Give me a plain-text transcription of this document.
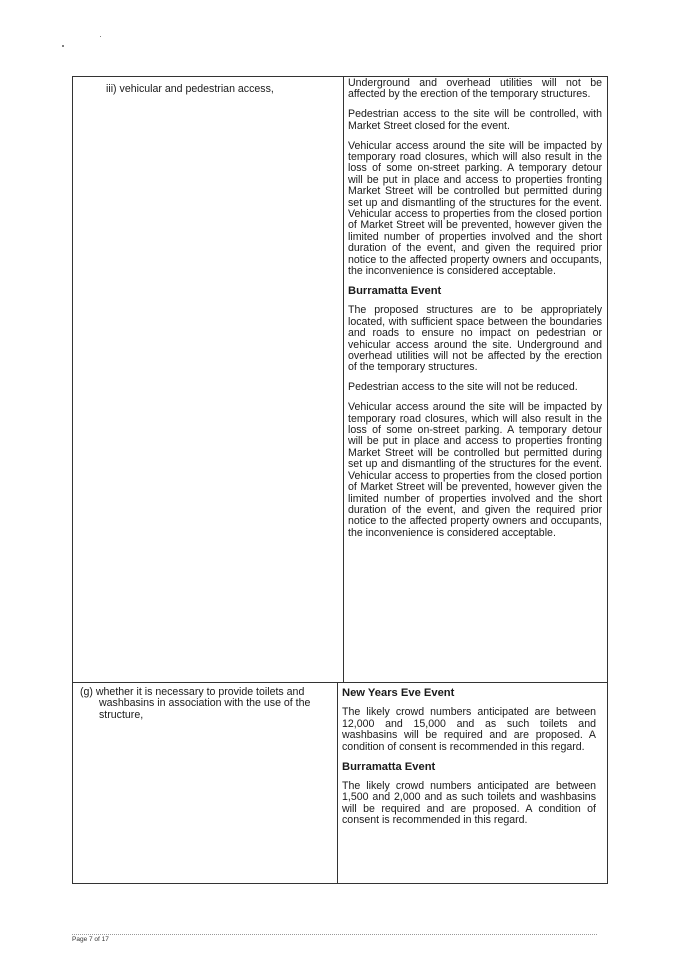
iii) vehicular and pedestrian access,	Underground and overhead utilities will not be affected by the erection of the temporary structures.

Pedestrian access to the site will be controlled, with Market Street closed for the event.

Vehicular access around the site will be impacted by temporary road closures, which will also result in the loss of some on-street parking. A temporary detour will be put in place and access to properties fronting Market Street will be controlled but permitted during set up and dismantling of the structures for the event. Vehicular access to properties from the closed portion of Market Street will be prevented, however given the limited number of properties involved and the short duration of the event, and given the required prior notice to the affected property owners and occupants, the inconvenience is considered acceptable.

Burramatta Event

The proposed structures are to be appropriately located, with sufficient space between the boundaries and roads to ensure no impact on pedestrian or vehicular access around the site. Underground and overhead utilities will not be affected by the erection of the temporary structures.

Pedestrian access to the site will not be reduced.

Vehicular access around the site will be impacted by temporary road closures, which will also result in the loss of some on-street parking. A temporary detour will be put in place and access to properties fronting Market Street will be controlled but permitted during set up and dismantling of the structures for the event. Vehicular access to properties from the closed portion of Market Street will be prevented, however given the limited number of properties involved and the short duration of the event, and given the required prior notice to the affected property owners and occupants, the inconvenience is considered acceptable.

(g) whether it is necessary to provide toilets and washbasins in association with the use of the structure,

New Years Eve Event

The likely crowd numbers anticipated are between 12,000 and 15,000 and as such toilets and washbasins will be required and are proposed. A condition of consent is recommended in this regard.

Burramatta Event

The likely crowd numbers anticipated are between 1,500 and 2,000 and as such toilets and washbasins will be required and are proposed. A condition of consent is recommended in this regard.

Page 7 of 17
